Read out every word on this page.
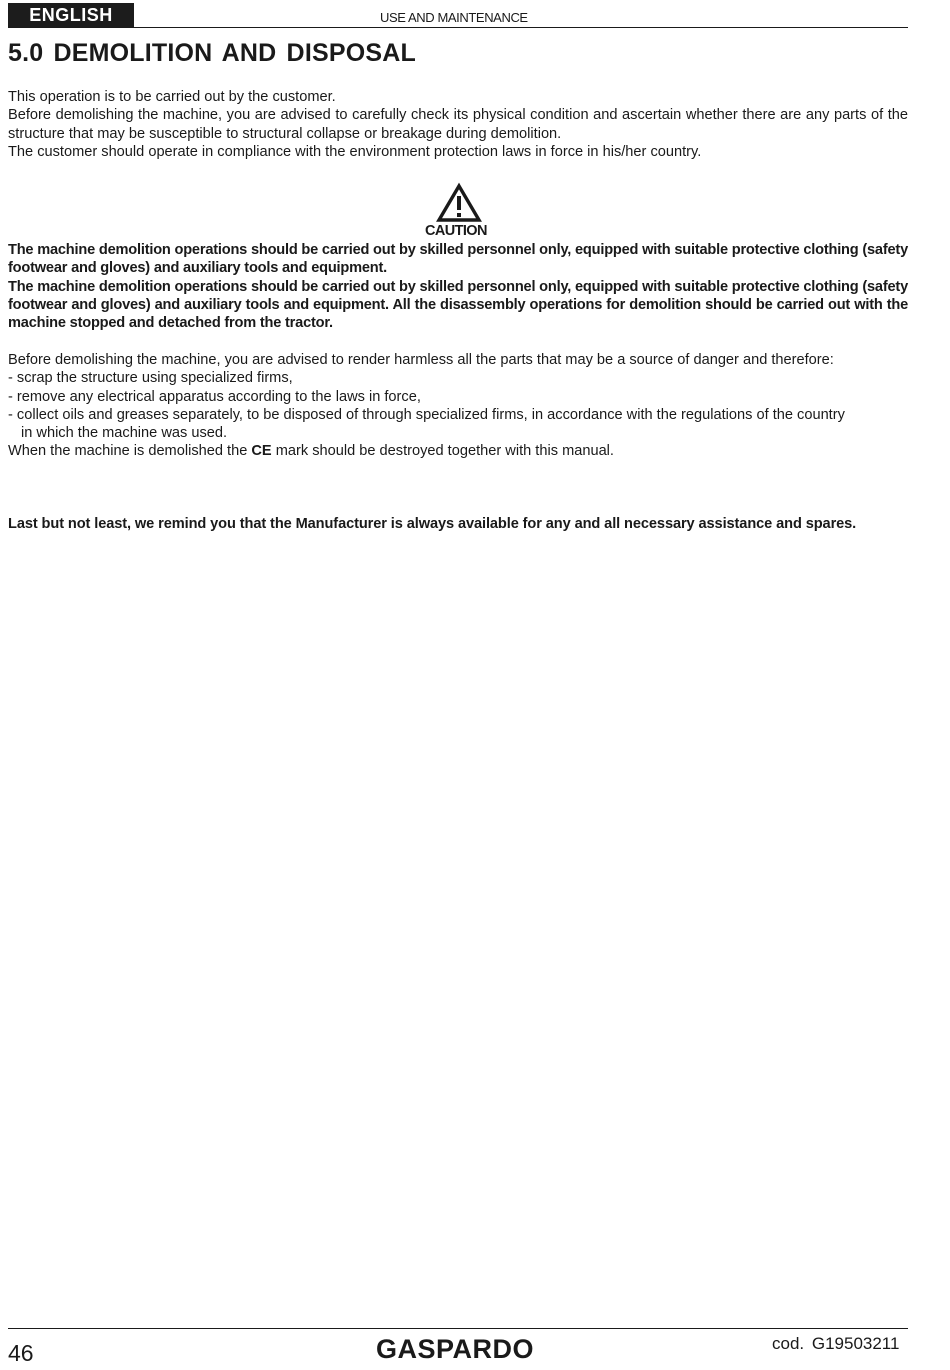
ENGLISH	USE AND MAINTENANCE
5.0 DEMOLITION AND DISPOSAL

This operation is to be carried out by the customer.

Before demolishing the machine, you are advised to carefully check its physical condition and ascertain whether there are any parts of the structure that may be susceptible to structural collapse or breakage during demolition.

The customer should operate in compliance with the environment protection laws in force in his/her country.

CAUTION

The machine demolition operations should be carried out by skilled personnel only, equipped with suitable protective clothing (safety footwear and gloves) and auxiliary tools and equipment.

The machine demolition operations should be carried out by skilled personnel only, equipped with suitable protective clothing (safety footwear and gloves) and auxiliary tools and equipment. All the disassembly operations for demolition should be carried out with the machine stopped and detached from the tractor.

Before demolishing the machine, you are advised to render harmless all the parts that may be a source of danger and therefore:

- scrap the structure using specialized firms,

- remove any electrical apparatus according to the laws in force,

- collect oils and greases separately, to be disposed of through specialized firms, in accordance with the regulations of the country

in which the machine was used.

When the machine is demolished the CE mark should be destroyed together with this manual.

Last but not least, we remind you that the Manufacturer is always available for any and all necessary assistance and spares.
46	GASPARDO	cod. G19503211
